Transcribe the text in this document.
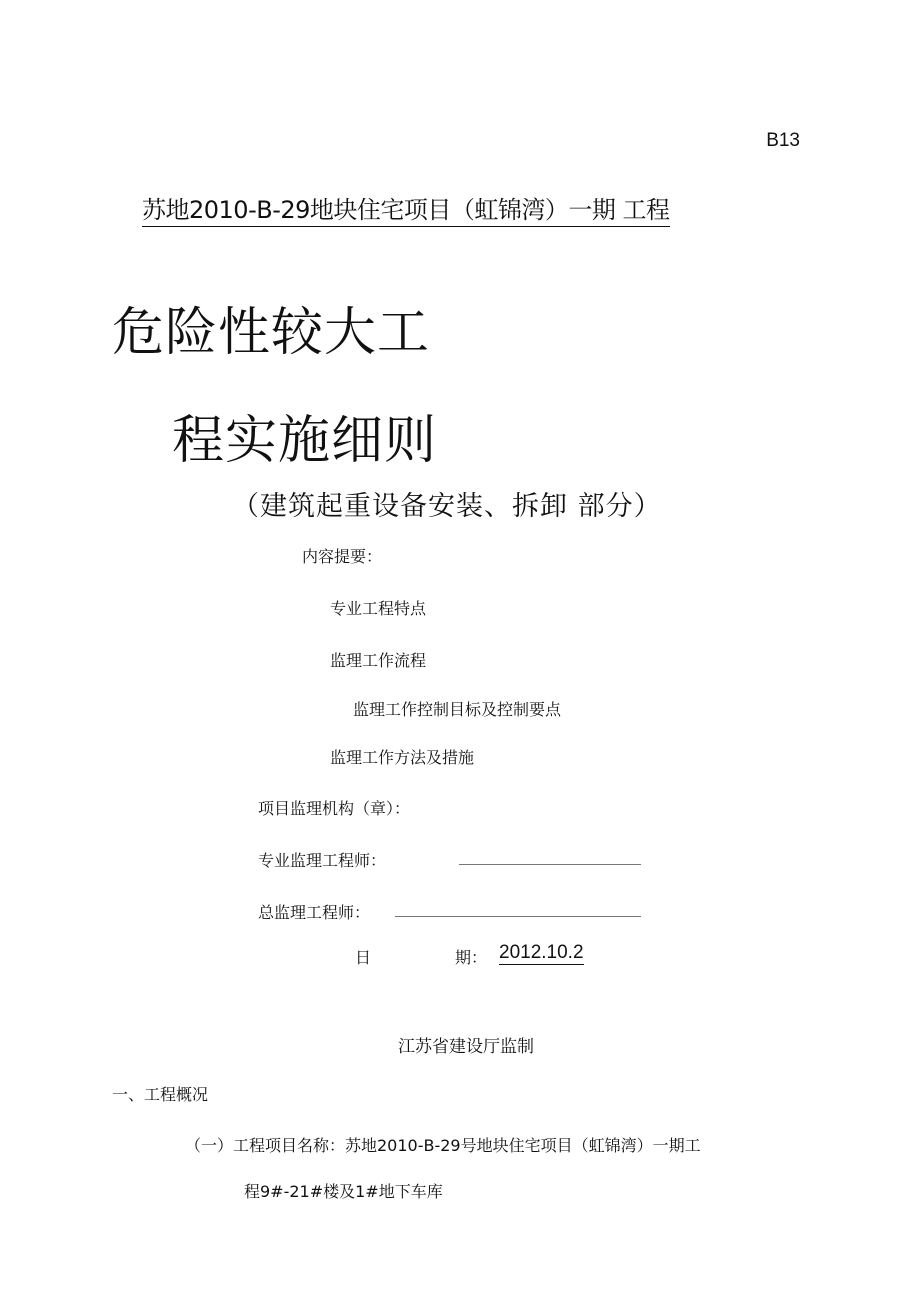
B13
苏地2010-B-29地块住宅项目（虹锦湾）一期 工程
危险性较大工
程实施细则
（建筑起重设备安装、拆卸 部分）
内容提要：
专业工程特点
监理工作流程
监理工作控制目标及控制要点
监理工作方法及措施
项目监理机构（章）：
专业监理工程师：
总监理工程师：
日	期： 2012.10.2
江苏省建设厅监制
一、工程概况
（一）工程项目名称：苏地2010-B-29号地块住宅项目（虹锦湾）一期工
程9#-21#楼及1#地下车库
